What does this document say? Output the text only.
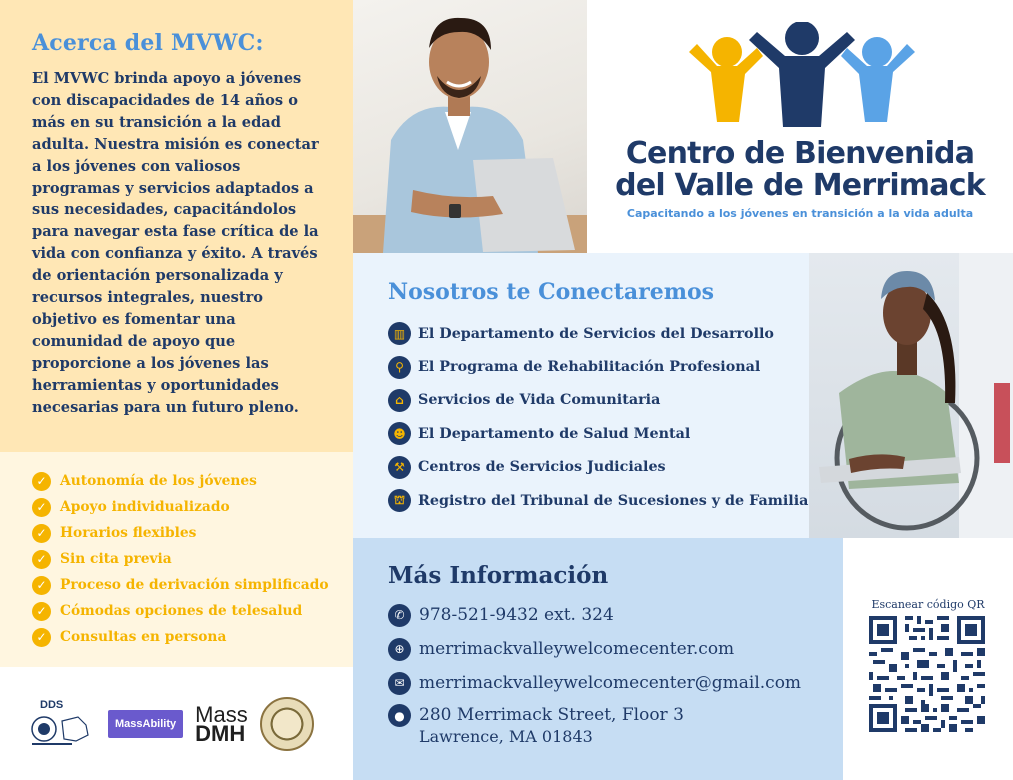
Acerca del MVWC:

El MVWC brinda apoyo a jóvenes con discapacidades de 14 años o más en su transición a la edad adulta. Nuestra misión es conectar a los jóvenes con valiosos programas y servicios adaptados a sus necesidades, capacitándolos para navegar esta fase crítica de la vida con confianza y éxito. A través de orientación personalizada y recursos integrales, nuestro objetivo es fomentar una comunidad de apoyo que proporcione a los jóvenes las herramientas y oportunidades necesarias para un futuro pleno.

✓ Autonomía de los jóvenes
✓ Apoyo individualizado
✓ Horarios flexibles
✓ Sin cita previa
✓ Proceso de derivación simplificado
✓ Cómodas opciones de telesalud
✓ Consultas en persona
DDS
MassAbility Mass
DMH
Centro de Bienvenida
del Valle de Merrimack
Capacitando a los jóvenes en transición a la vida adulta
Nosotros te Conectaremos
▥ El Departamento de Servicios del Desarrollo
⚲ El Programa de Rehabilitación Profesional
⌂ Servicios de Vida Comunitaria
☻ El Departamento de Salud Mental
⚒ Centros de Servicios Judiciales
⛫ Registro del Tribunal de Sucesiones y de Familia
Más Información
✆ 978-521-9432 ext. 324
⊕ merrimackvalleywelcomecenter.com
✉ merrimackvalleywelcomecenter@gmail.com
● 280 Merrimack Street, Floor 3
Lawrence, MA 01843
Escanear código QR
